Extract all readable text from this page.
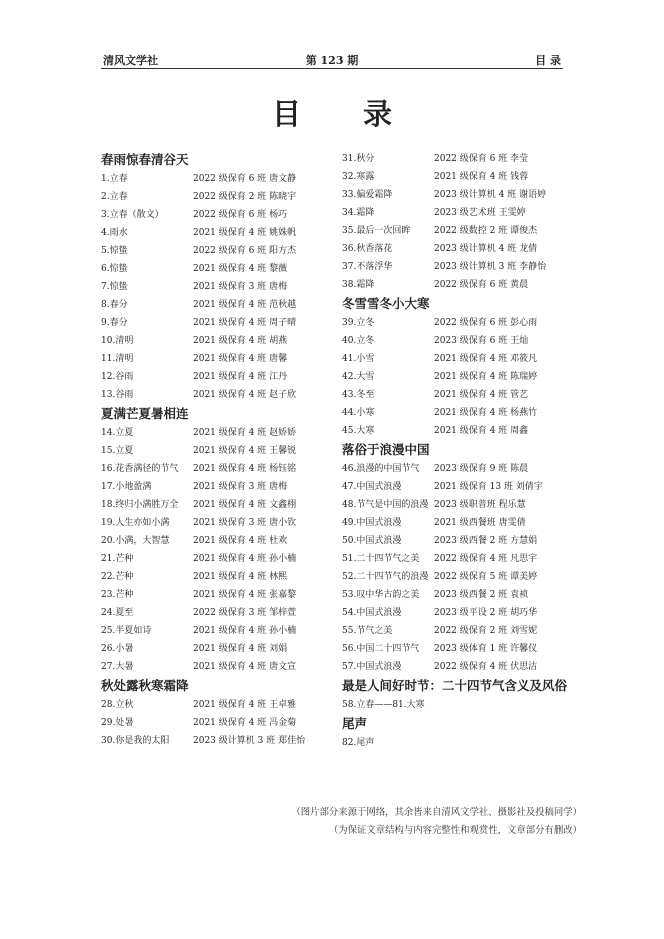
清风文学社	第 123 期	目 录
目 录
春雨惊春清谷天
1.立春	2022 级保育 6 班 唐文静
2.立春	2022 级保育 2 班 陈晓宇
3.立春（散文）	2022 级保育 6 班 杨巧
4.雨水	2021 级保育 4 班 姚姝帆
5.惊蛰	2022 级保育 6 班 阳方杰
6.惊蛰	2021 级保育 4 班 黎薇
7.惊蛰	2021 级保育 3 班 唐梅
8.春分	2021 级保育 4 班 范秋越
9.春分	2021 级保育 4 班 周子晴
10.清明	2021 级保育 4 班 胡燕
11.清明	2021 级保育 4 班 唐馨
12.谷雨	2021 级保育 4 班 江丹
13.谷雨	2021 级保育 4 班 赵子欣
夏满芒夏暑相连
14.立夏	2021 级保育 4 班 赵娇娇
15.立夏	2021 级保育 4 班 王馨锐
16.花香满径的节气 2021 级保育 4 班 杨钰铭
17.小地盈满	2021 级保育 3 班 唐梅
18.终归小满胜万全 2021 级保育 4 班 文鑫栩
19.人生亦如小满	2021 级保育 3 班 唐小钦
20.小满，大智慧	2021 级保育 4 班 杜欢
21.芒种	2021 级保育 4 班 孙小楠
22.芒种	2021 级保育 4 班 林熙
23.芒种	2021 级保育 4 班 张嘉黎
24.夏至	2022 级保育 3 班 邹梓萱
25.半夏如诗	2021 级保育 4 班 孙小楠
26.小暑	2021 级保育 4 班 刘娟
27.大暑	2021 级保育 4 班 唐文宣
秋处露秋寒霜降
28.立秋	2021 级保育 4 班 王卓雅
29.处暑	2021 级保育 4 班 冯金菊
30.你是我的太阳	2023 级计算机 3 班 郑佳怡
31.秋分	2022 级保育 6 班 李莹
32.寒露	2021 级保育 4 班 钱蓉
33.偏爱霜降	2023 级计算机 4 班 谢语婷
34.霜降	2023 级艺术班 王雯婷
35.最后一次回眸	2022 级数控 2 班 谭俊杰
36.秋香落花	2023 级计算机 4 班 龙倩
37.不落浮华	2023 级计算机 3 班 李静怡
38.霜降	2022 级保育 6 班 黄晨
冬雪雪冬小大寒
39.立冬	2022 级保育 6 班 彭心雨
40.立冬	2023 级保育 6 班 王灿
41.小雪	2021 级保育 4 班 邓筱凡
42.大雪	2021 级保育 4 班 陈瑞婷
43.冬至	2021 级保育 4 班 管艺
44.小寒	2021 级保育 4 班 杨燕竹
45.大寒	2021 级保育 4 班 周鑫
落俗于浪漫中国
46.浪漫的中国节气 2023 级保育 9 班 陈晨
47.中国式浪漫	2021 级保育 13 班 刘倩宇
48.节气是中国的浪漫 2023 级职普班 程乐慧
49.中国式浪漫	2021 级西餐班 唐雯倩
50.中国式浪漫	2023 级西餐 2 班 方慧娟
51.二十四节气之美 2022 级保育 4 班 凡思宇
52.二十四节气的浪漫 2022 级保育 5 班 谭美婷
53.叹中华古韵之美 2023 级西餐 2 班 袁祯
54.中国式浪漫	2023 级平设 2 班 胡巧华
55.节气之美	2022 级保育 2 班 刘雪妮
56.中国二十四节气 2023 级体育 1 班 许馨仪
57.中国式浪漫	2022 级保育 4 班 伏思洁
最是人间好时节：二十四节气含义及风俗
58.立春——81.大寒
尾声
82.尾声
（图片部分来源于网络，其余皆来自清风文学社、摄影社及投稿同学）
（为保证文章结构与内容完整性和观赏性，文章部分有删改）
